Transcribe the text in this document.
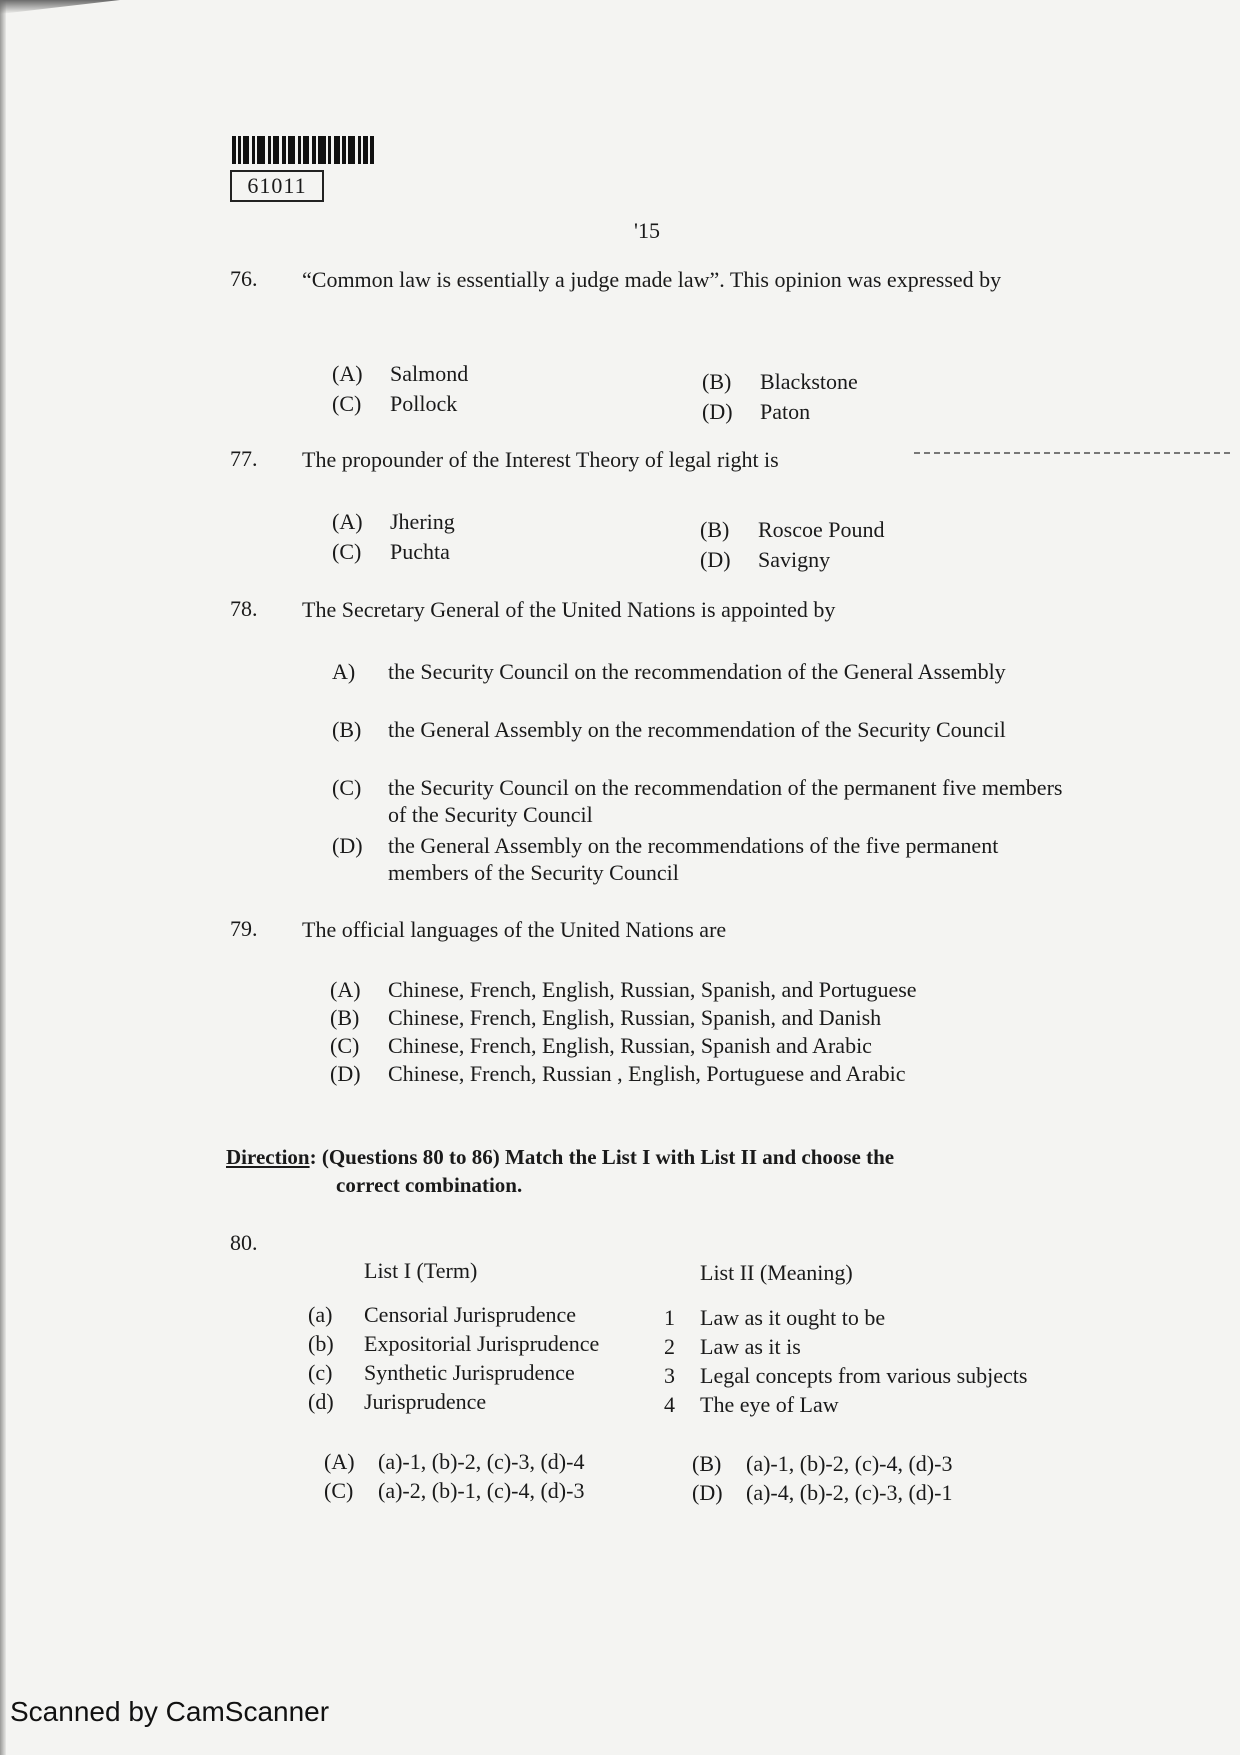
61011
'15
76. “Common law is essentially a judge made law”. This opinion was expressed by
(A) Salmond
(C) Pollock
(B) Blackstone
(D) Paton
77. The propounder of the Interest Theory of legal right is
(A) Jhering
(C) Puchta
(B) Roscoe Pound
(D) Savigny
78. The Secretary General of the United Nations is appointed by
A) the Security Council on the recommendation of the General Assembly
(B) the General Assembly on the recommendation of the Security Council
(C) the Security Council on the recommendation of the permanent five members of the Security Council
(D) the General Assembly on the recommendations of the five permanent members of the Security Council
79. The official languages of the United Nations are
(A) Chinese, French, English, Russian, Spanish, and Portuguese
(B) Chinese, French, English, Russian, Spanish, and Danish
(C) Chinese, French, English, Russian, Spanish and Arabic
(D) Chinese, French, Russian , English, Portuguese and Arabic
Direction: (Questions 80 to 86) Match the List I with List II and choose the
correct combination.
80.
List I (Term)	List II (Meaning)
(a) Censorial Jurisprudence
(b) Expositorial Jurisprudence
(c) Synthetic Jurisprudence
(d) Jurisprudence
1 Law as it ought to be
2 Law as it is
3 Legal concepts from various subjects
4 The eye of Law
(A) (a)-1, (b)-2, (c)-3, (d)-4
(C) (a)-2, (b)-1, (c)-4, (d)-3
(B) (a)-1, (b)-2, (c)-4, (d)-3
(D) (a)-4, (b)-2, (c)-3, (d)-1
Scanned by CamScanner
